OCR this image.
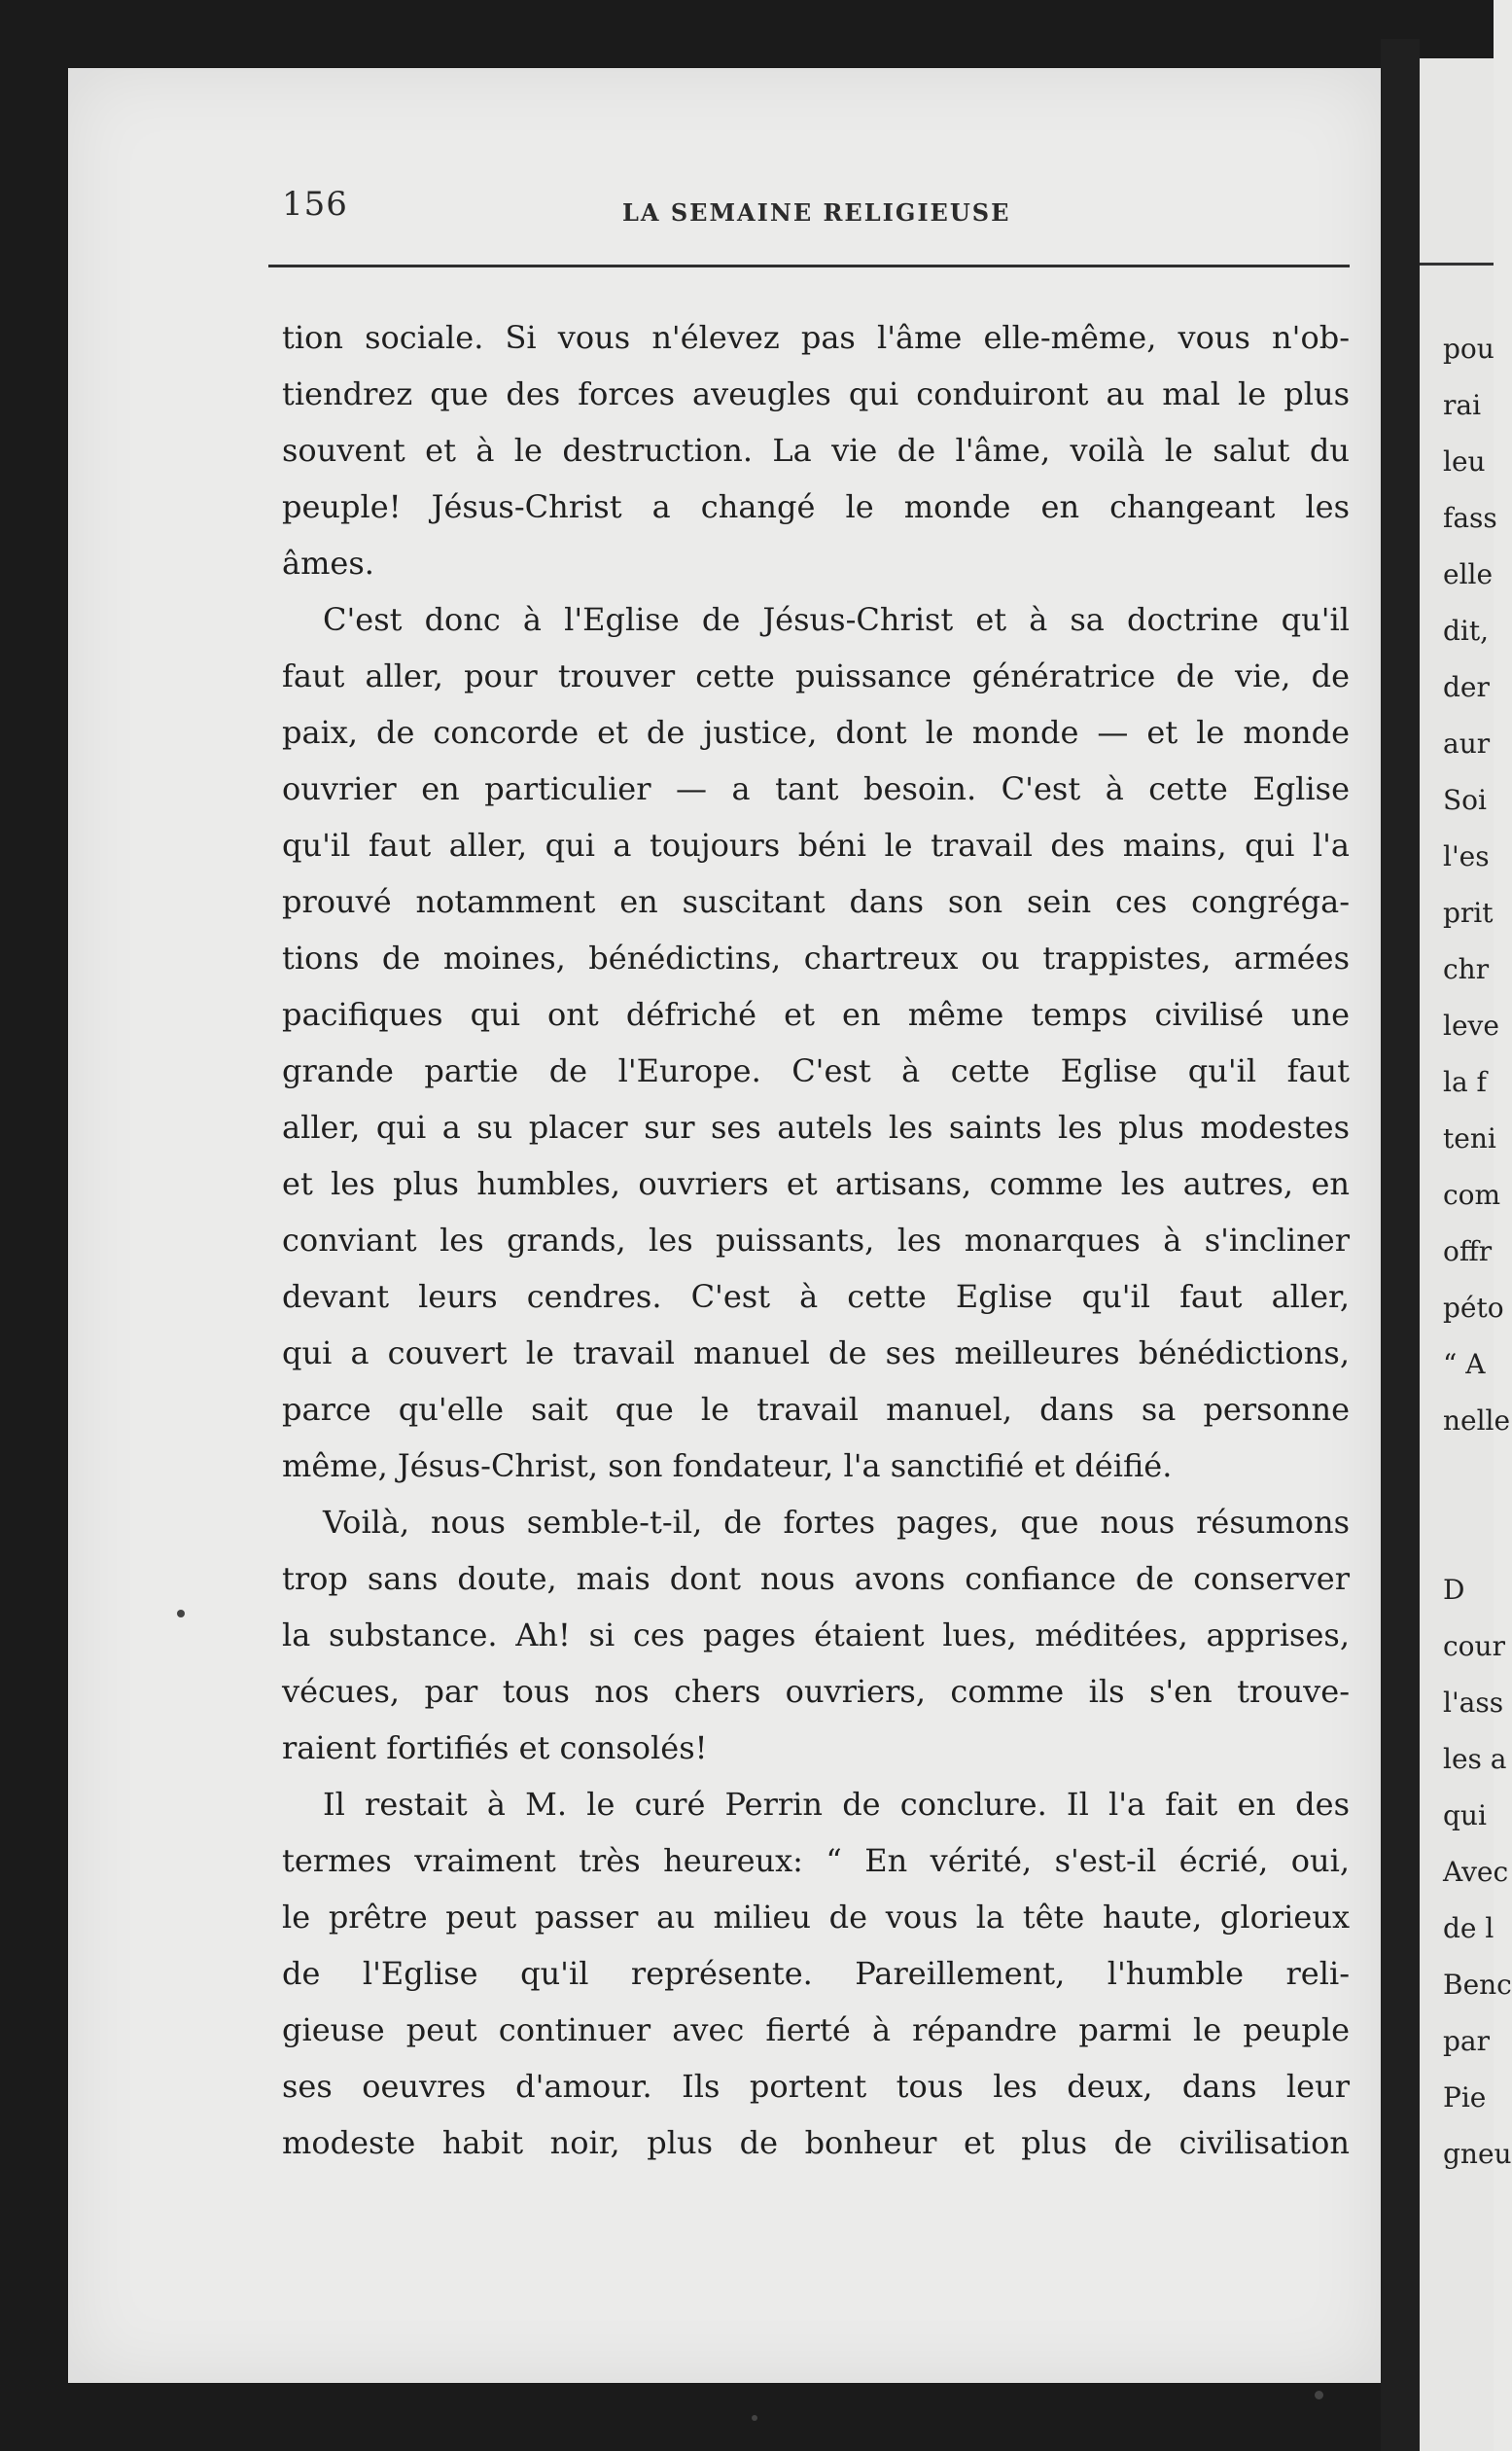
pou
rai
leu
fass
elle
dit,
der
aur
Soi
l'es
prit
chr
leve
la f
teni
com
offr
péto
“ A
nelle
D
cour
l'ass
les a
qui
Avec
de l
Benc
par
Pie
gneu
156	LA SEMAINE RELIGIEUSE
tion sociale. Si vous n'élevez pas l'âme elle-même, vous n'ob-
tiendrez que des forces aveugles qui conduiront au mal le plus
souvent et à le destruction. La vie de l'âme, voilà le salut du
peuple! Jésus-Christ a changé le monde en changeant les
âmes.
C'est donc à l'Eglise de Jésus-Christ et à sa doctrine qu'il
faut aller, pour trouver cette puissance génératrice de vie, de
paix, de concorde et de justice, dont le monde — et le monde
ouvrier en particulier — a tant besoin. C'est à cette Eglise
qu'il faut aller, qui a toujours béni le travail des mains, qui l'a
prouvé notamment en suscitant dans son sein ces congréga-
tions de moines, bénédictins, chartreux ou trappistes, armées
pacifiques qui ont défriché et en même temps civilisé une
grande partie de l'Europe. C'est à cette Eglise qu'il faut
aller, qui a su placer sur ses autels les saints les plus modestes
et les plus humbles, ouvriers et artisans, comme les autres, en
conviant les grands, les puissants, les monarques à s'incliner
devant leurs cendres. C'est à cette Eglise qu'il faut aller,
qui a couvert le travail manuel de ses meilleures bénédictions,
parce qu'elle sait que le travail manuel, dans sa personne
même, Jésus-Christ, son fondateur, l'a sanctifié et déifié.
Voilà, nous semble-t-il, de fortes pages, que nous résumons
trop sans doute, mais dont nous avons confiance de conserver
la substance. Ah! si ces pages étaient lues, méditées, apprises,
vécues, par tous nos chers ouvriers, comme ils s'en trouve-
raient fortifiés et consolés!
Il restait à M. le curé Perrin de conclure. Il l'a fait en des
termes vraiment très heureux: “ En vérité, s'est-il écrié, oui,
le prêtre peut passer au milieu de vous la tête haute, glorieux
de l'Eglise qu'il représente. Pareillement, l'humble reli-
gieuse peut continuer avec fierté à répandre parmi le peuple
ses oeuvres d'amour. Ils portent tous les deux, dans leur
modeste habit noir, plus de bonheur et plus de civilisation
